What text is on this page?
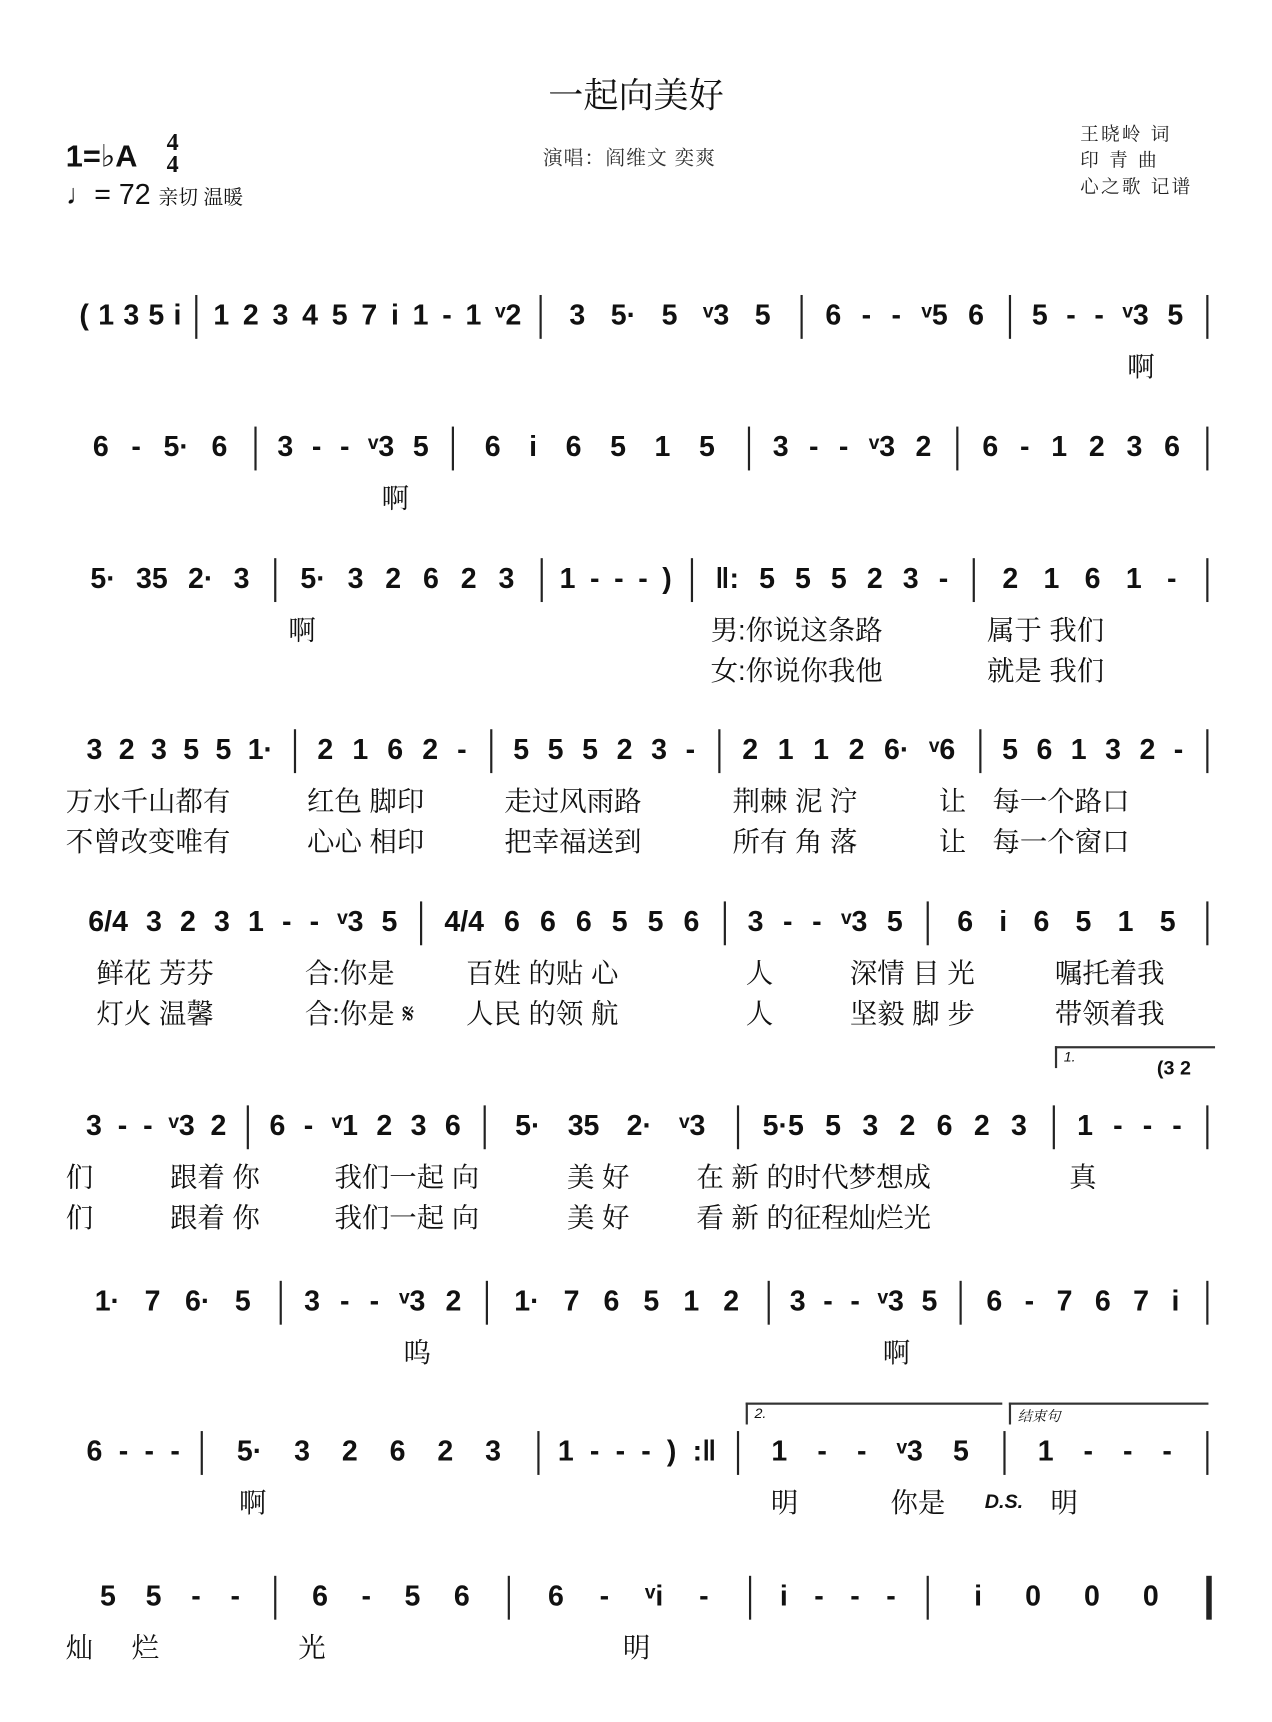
一起向美好
1=♭A 4
4
♩= 72 亲切 温暖
演唱：阎维文 奕爽
王晓岭 词
印 青 曲
心之歌 记谱
( 1 3 5 i 1 2 3 4 5 7 i 1 - 1 ᵛ2 3 5· 5 ᵛ3 5 6 - - ᵛ5 6 5 - - ᵛ3 5
啊
6 - 5· 6 3 - - ᵛ3 5 6 i 6 5 1 5 3 - - ᵛ3 2 6 - 1 2 3 6
啊
5· 35 2· 3 5· 3 2 6 2 3 1 - - - ) ‖: 5 5 5 2 3 - 2 1 6 1 -
啊	男:你说这条路	属于 我们
女:你说你我他	就是 我们
3 2 3 5 5 1· 2 1 6 2 - 5 5 5 2 3 - 2 1 1 2 6· ᵛ6 5 6 1 3 2 -
万水千山都有	红色 脚印	走过风雨路	荆棘 泥 泞	让 每一个路口
不曾改变唯有	心心 相印	把幸福送到	所有 角 落	让 每一个窗口
6/4 3 2 3 1 - - ᵛ3 5 4/4 6 6 6 5 5 6 3 - - ᵛ3 5 6 i 6 5 1 5
鲜花 芳芬	合:你是	百姓 的贴 心	人	深情 目 光	嘱托着我
灯火 温馨	合:你是 𝄋 人民 的领 航	人	坚毅 脚 步	带领着我
3 - - ᵛ3 2 6 - ᵛ1 2 3 6 5· 35 2· ᵛ3 5·5 5 3 2 6 2 3 1 - - -
们	跟着 你	我们一起 向	美 好	在 新 的时代梦想成	真
们	跟着 你	我们一起 向	美 好	看 新 的征程灿烂光
1.
(3 2
1· 7 6· 5 3 - - ᵛ3 2 1· 7 6 5 1 2 3 - - ᵛ3 5 6 - 7 6 7 i
呜	啊
6 - - - 5· 3 2 6 2 3 1 - - - ) :‖ 1 - - ᵛ3 5	1 - - -
啊	明	你是 D.S. 明
2.	结束句
5 5 - -	6 - 5 6	6 - ᵛi -	i - - -	i 0 0 0
灿 烂	光	明
